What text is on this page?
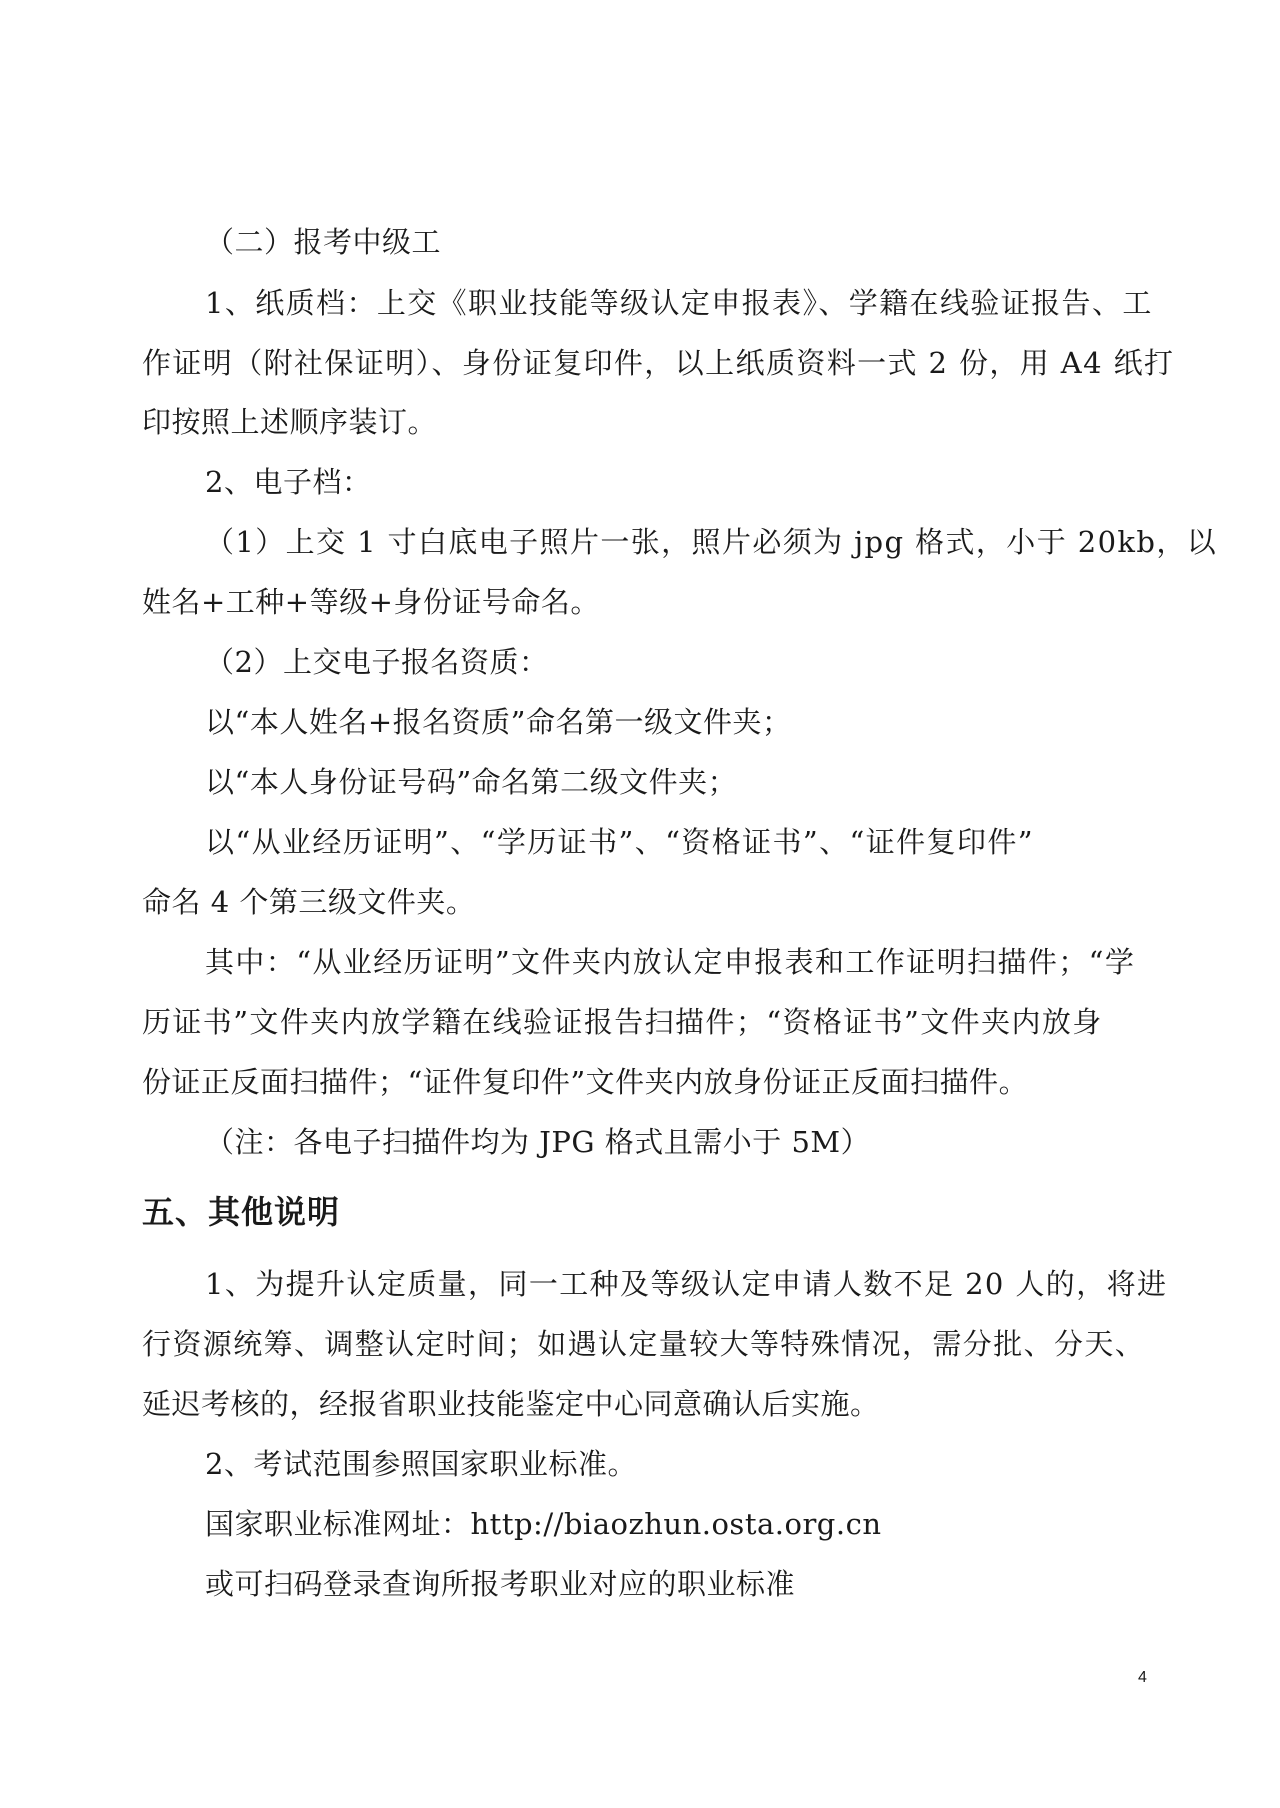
（二）报考中级工
1、纸质档：上交《职业技能等级认定申报表》、学籍在线验证报告、工
作证明（附社保证明）、身份证复印件，以上纸质资料一式 2 份，用 A4 纸打
印按照上述顺序装订。
2、电子档：
（1）上交 1 寸白底电子照片一张，照片必须为 jpg 格式，小于 20kb，以
姓名+工种+等级+身份证号命名。
（2）上交电子报名资质：
以“本人姓名+报名资质”命名第一级文件夹；
以“本人身份证号码”命名第二级文件夹；
以“从业经历证明”、“学历证书”、“资格证书”、“证件复印件”
命名 4 个第三级文件夹。
其中：“从业经历证明”文件夹内放认定申报表和工作证明扫描件；“学
历证书”文件夹内放学籍在线验证报告扫描件；“资格证书”文件夹内放身
份证正反面扫描件；“证件复印件”文件夹内放身份证正反面扫描件。
（注：各电子扫描件均为 JPG 格式且需小于 5M）
五、其他说明
1、为提升认定质量，同一工种及等级认定申请人数不足 20 人的，将进
行资源统筹、调整认定时间；如遇认定量较大等特殊情况，需分批、分天、
延迟考核的，经报省职业技能鉴定中心同意确认后实施。
2、考试范围参照国家职业标准。
国家职业标准网址：http://biaozhun.osta.org.cn
或可扫码登录查询所报考职业对应的职业标准
4
